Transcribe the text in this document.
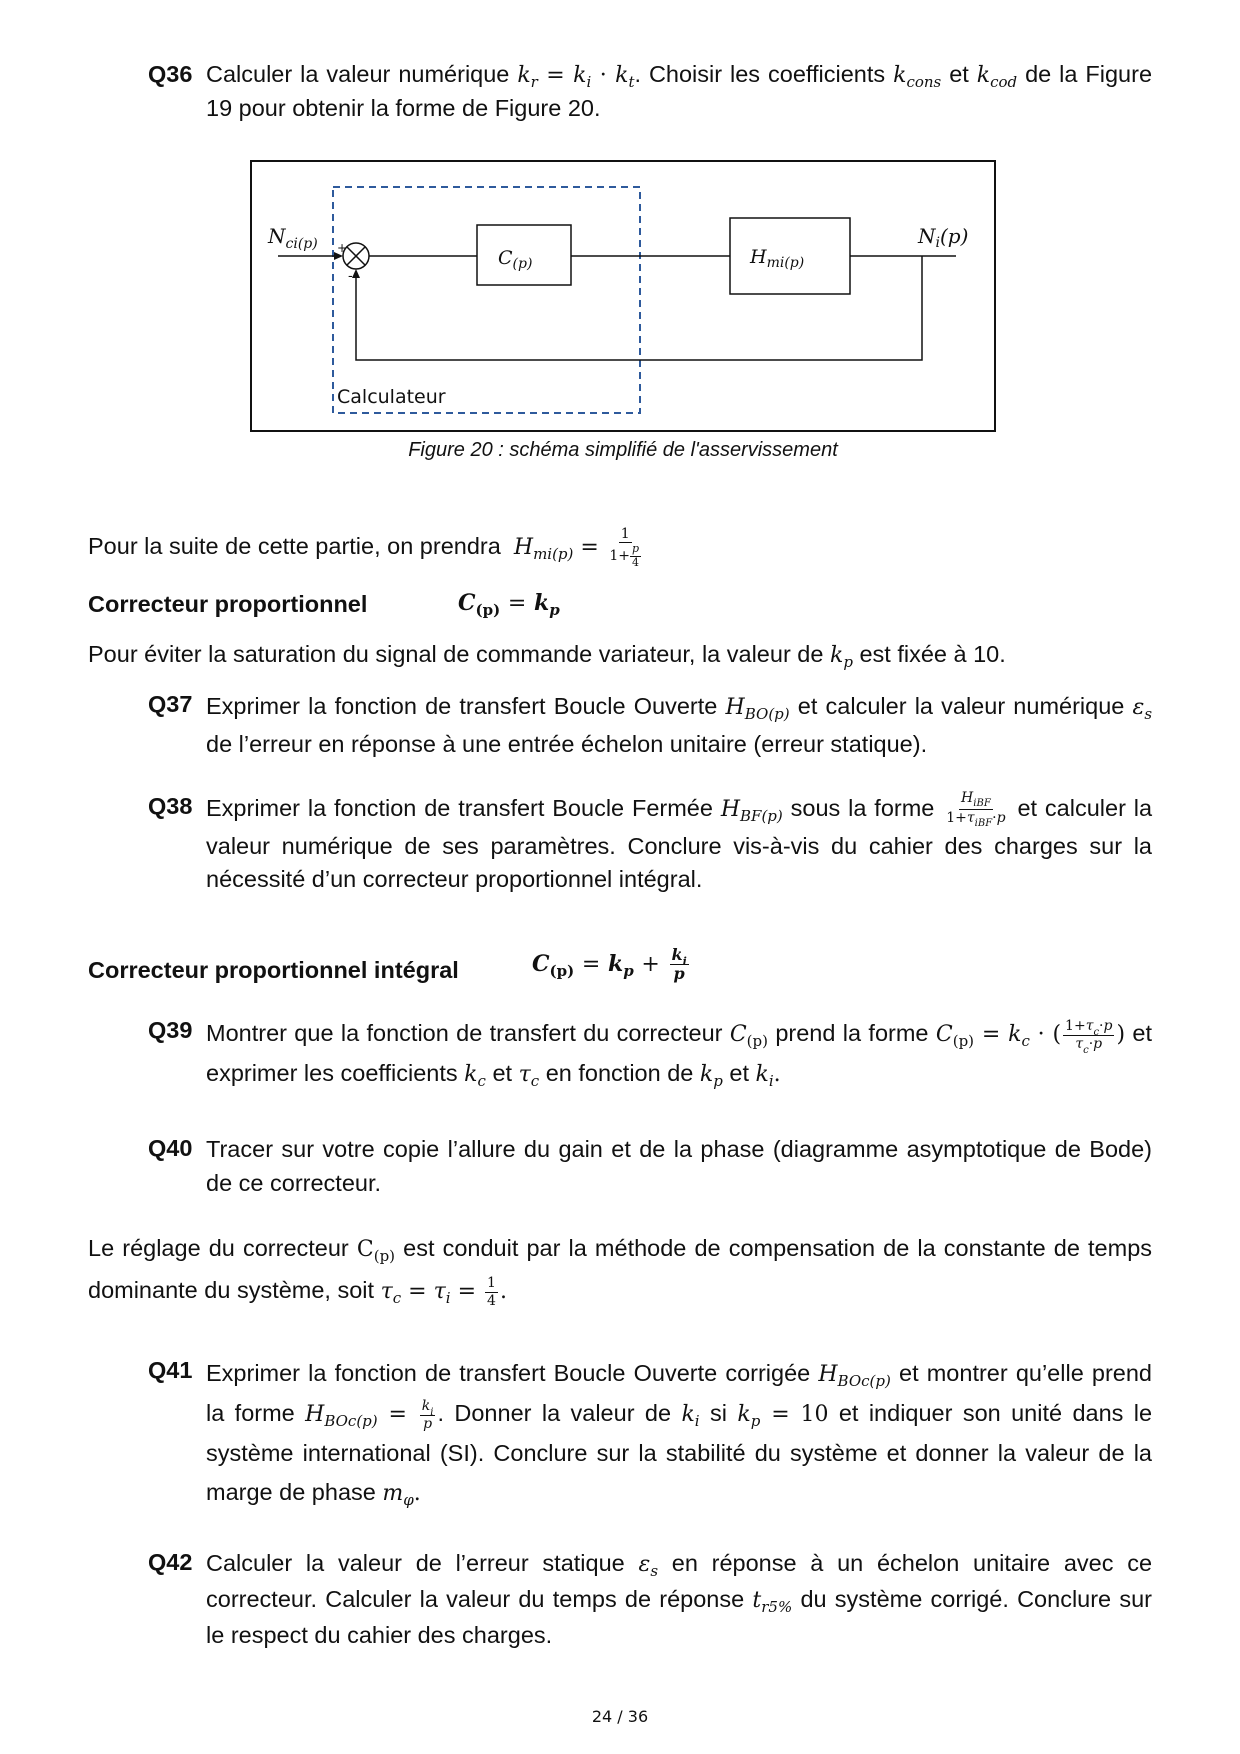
Q36 Calculer la valeur numérique $k_r = k_i \cdot k_t$. Choisir les coefficients $k_{cons}$ et $k_{cod}$ de la Figure 19 pour obtenir la forme de Figure 20.
+
-
$N_{ci(p)}$
$C_{(p)}$	$H_{mi(p)}$
$N_i(p)$
Calculateur
Figure 20 : schéma simplifié de l'asservissement
Pour la suite de cette partie, on prendra $H_{mi(p)} = \frac{1}{1+ \frac{p}{4}}$
Correcteur proportionnel	$C_{(p)} = k_p$
Pour éviter la saturation du signal de commande variateur, la valeur de $k_p$ est fixée à 10.
Q37 Exprimer la fonction de transfert Boucle Ouverte $H_{BO(p)}$ et calculer la valeur numérique $\varepsilon_s$ de l’erreur en réponse à une entrée échelon unitaire (erreur statique).
Q38 Exprimer la fonction de transfert Boucle Fermée $H_{BF(p)}$ sous la forme $\frac{H_{iBF}}{1+\tau_{iBF}\cdot p}$ et calculer la valeur numérique de ses paramètres. Conclure vis-à-vis du cahier des charges sur la nécessité d’un correcteur proportionnel intégral.
Correcteur proportionnel intégral	$C_{(p)} = k_p + \frac{k_i}{p}$
Q39 Montrer que la fonction de transfert du correcteur $C_{(p)}$ prend la forme $C_{(p)} = k_c$ · ( $\frac{1+\tau_c\cdot p}{\tau_c\cdot p}$ ) et exprimer les coefficients $k_c$ et $\tau_c$ en fonction de $k_p$ et $k_i$.
Q40 Tracer sur votre copie l’allure du gain et de la phase (diagramme asymptotique de Bode) de ce correcteur.
Le réglage du correcteur $C_{(p)}$ est conduit par la méthode de compensation de la constante de temps dominante du système, soit $\tau_c = \tau_i = \frac{1}{4}$ .
Q41 Exprimer la fonction de transfert Boucle Ouverte corrigée $H_{BOc(p)}$ et montrer qu’elle prend la forme $H_{BOc(p)} = \frac{k_i}{p}$ . Donner la valeur de $k_i$ si $k_p = 10$ et indiquer son unité dans le système international (SI). Conclure sur la stabilité du système et donner la valeur de la marge de phase $m_\varphi$.
Q42 Calculer la valeur de l’erreur statique $\varepsilon_s$ en réponse à un échelon unitaire avec ce correcteur. Calculer la valeur du temps de réponse $t_{r5\%}$ du système corrigé. Conclure sur le respect du cahier des charges.
24 / 36
